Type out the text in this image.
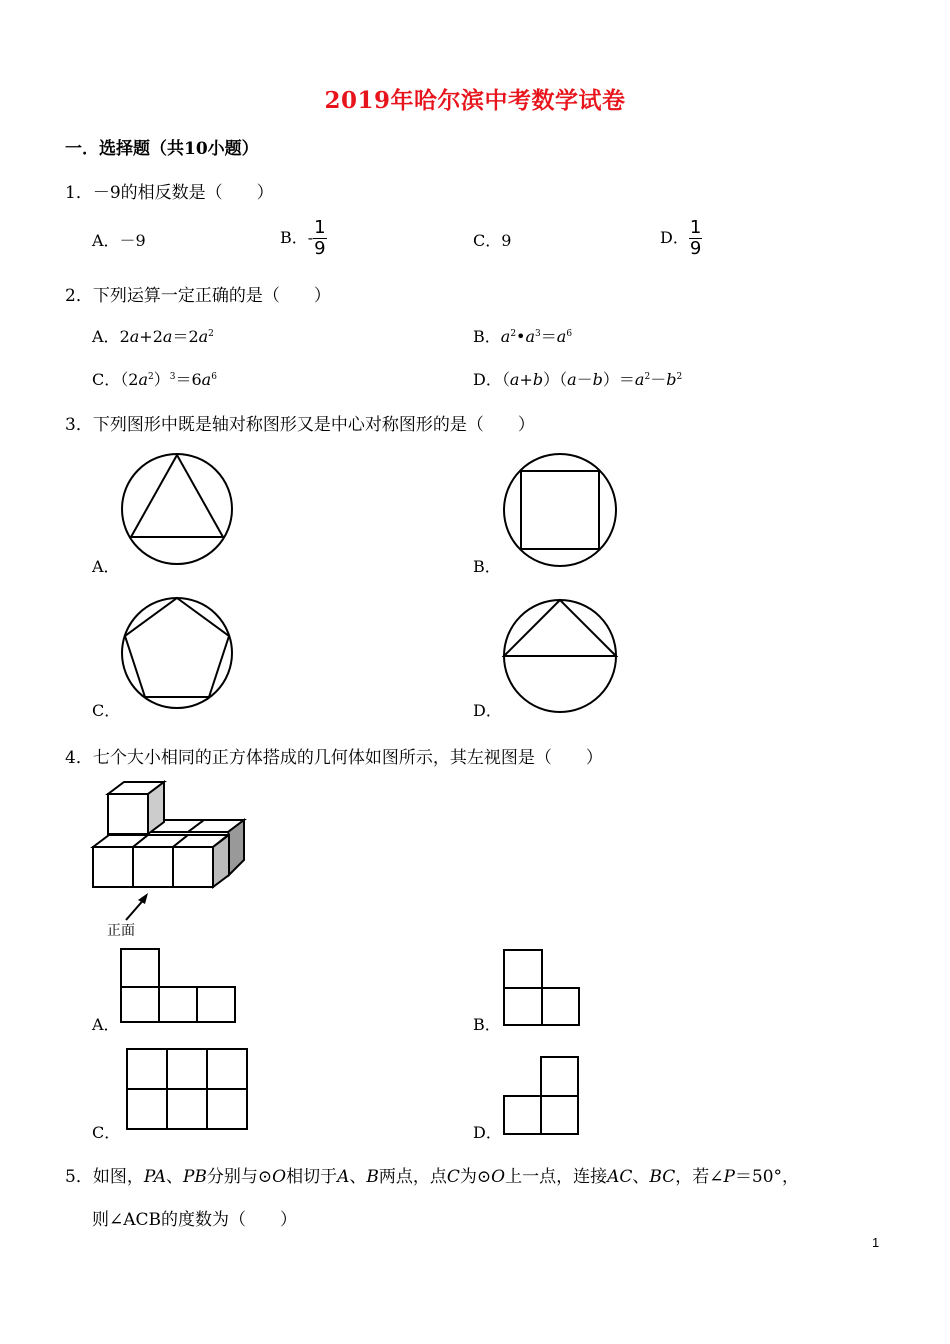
2019年哈尔滨中考数学试卷
一．选择题（共10小题）
1．－9的相反数是（　　）
A．－9	B．- $\frac{1}{9}$	C．9	D． $\frac{1}{9}$
2．下列运算一定正确的是（　　）
A．$2a+2a=2a^2$	B．$a^2•a^3=a^6$
C．$(2a^2)^3=6a^6$	D．$(a+b)(a-b)=a^2-b^2$
3．下列图形中既是轴对称图形又是中心对称图形的是（　　）
A．	B．
C．	D．
4．七个大小相同的正方体搭成的几何体如图所示，其左视图是（　　）
正面
A．	B．
C．	D．
5．如图，PA、PB分别与⊙O相切于A、B两点，点C为⊙O上一点，连接AC、BC，若∠P＝50°，
则∠ACB的度数为（　　）
1
